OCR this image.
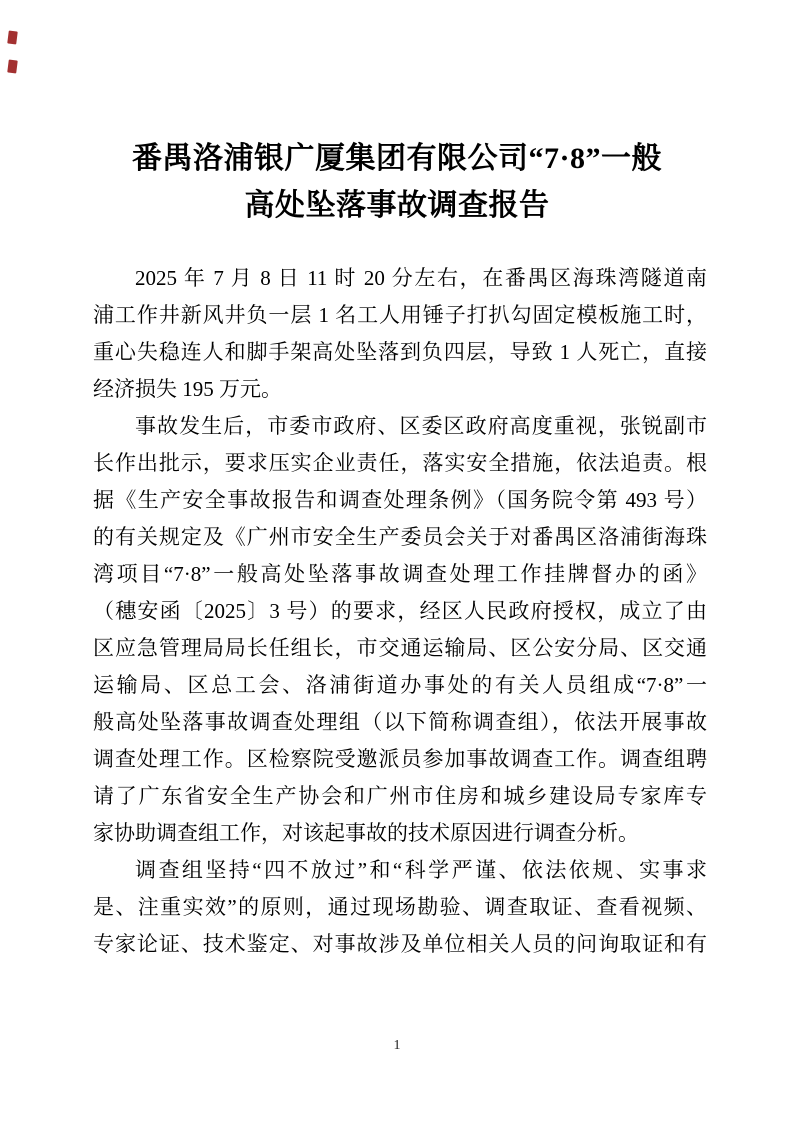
番禺洛浦银广厦集团有限公司“7·8”一般
高处坠落事故调查报告
2025 年 7 月 8 日 11 时 20 分左右，在番禺区海珠湾隧道南
浦工作井新风井负一层 1 名工人用锤子打扒勾固定模板施工时，
重心失稳连人和脚手架高处坠落到负四层，导致 1 人死亡，直接
经济损失 195 万元。
事故发生后，市委市政府、区委区政府高度重视，张锐副市
长作出批示，要求压实企业责任，落实安全措施，依法追责。根
据《生产安全事故报告和调查处理条例》（国务院令第 493 号）
的有关规定及《广州市安全生产委员会关于对番禺区洛浦街海珠
湾项目“7·8”一般高处坠落事故调查处理工作挂牌督办的函》
（穗安函〔2025〕3 号）的要求，经区人民政府授权，成立了由
区应急管理局局长任组长，市交通运输局、区公安分局、区交通
运输局、区总工会、洛浦街道办事处的有关人员组成“7·8”一
般高处坠落事故调查处理组（以下简称调查组），依法开展事故
调查处理工作。区检察院受邀派员参加事故调查工作。调查组聘
请了广东省安全生产协会和广州市住房和城乡建设局专家库专
家协助调查组工作，对该起事故的技术原因进行调查分析。
调查组坚持“四不放过”和“科学严谨、依法依规、实事求
是、注重实效”的原则，通过现场勘验、调查取证、查看视频、
专家论证、技术鉴定、对事故涉及单位相关人员的问询取证和有
1
